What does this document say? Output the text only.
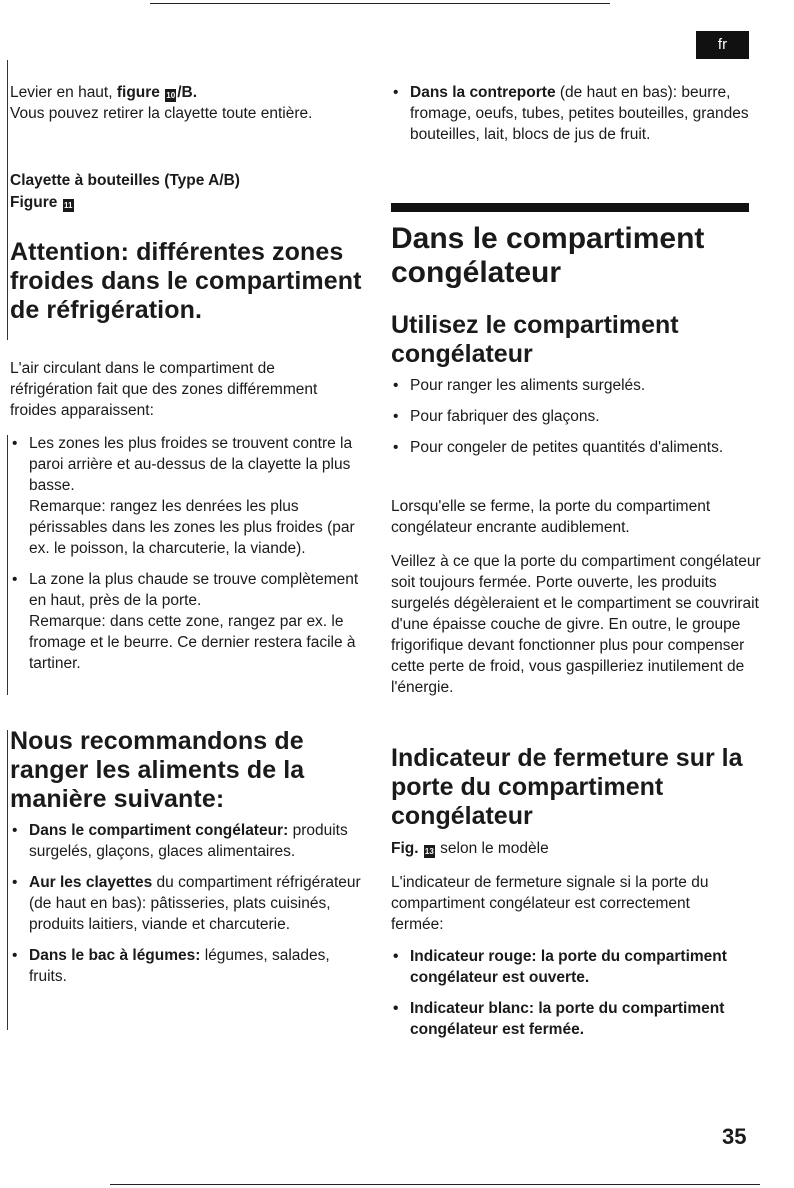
fr
35

Levier en haut, figure 10 /B.

Vous pouvez retirer la clayette toute entière.

Clayette à bouteilles (Type A/B)

Figure 11

Attention: différentes zones froides dans le compartiment de réfrigération.

L'air circulant dans le compartiment de réfrigération fait que des zones différemment froides apparaissent:

• Les zones les plus froides se trouvent contre la paroi arrière et au-dessus de la clayette la plus basse.
Remarque: rangez les denrées les plus périssables dans les zones les plus froides (par ex. le poisson, la charcuterie, la viande).
• La zone la plus chaude se trouve complètement en haut, près de la porte.
Remarque: dans cette zone, rangez par ex. le fromage et le beurre. Ce dernier restera facile à tartiner.
Nous recommandons de ranger les aliments de la manière suivante:
• Dans le compartiment congélateur: produits surgelés, glaçons, glaces alimentaires.
• Aur les clayettes du compartiment réfrigérateur (de haut en bas): pâtisseries, plats cuisinés, produits laitiers, viande et charcuterie.
• Dans le bac à légumes: légumes, salades, fruits.
• Dans la contreporte (de haut en bas): beurre, fromage, oeufs, tubes, petites bouteilles, grandes bouteilles, lait, blocs de jus de fruit.
Dans le compartiment congélateur
Utilisez le compartiment congélateur
• Pour ranger les aliments surgelés.
• Pour fabriquer des glaçons.
• Pour congeler de petites quantités d'aliments.

Lorsqu'elle se ferme, la porte du compartiment congélateur encrante audiblement.

Veillez à ce que la porte du compartiment congélateur soit toujours fermée. Porte ouverte, les produits surgelés dégèleraient et le compartiment se couvrirait d'une épaisse couche de givre. En outre, le groupe frigorifique devant fonctionner plus pour compenser cette perte de froid, vous gaspilleriez inutilement de l'énergie.

Indicateur de fermeture sur la porte du compartiment congélateur

Fig. 13 selon le modèle

L'indicateur de fermeture signale si la porte du compartiment congélateur est correctement fermée:

• Indicateur rouge: la porte du compartiment congélateur est ouverte.
• Indicateur blanc: la porte du compartiment congélateur est fermée.
